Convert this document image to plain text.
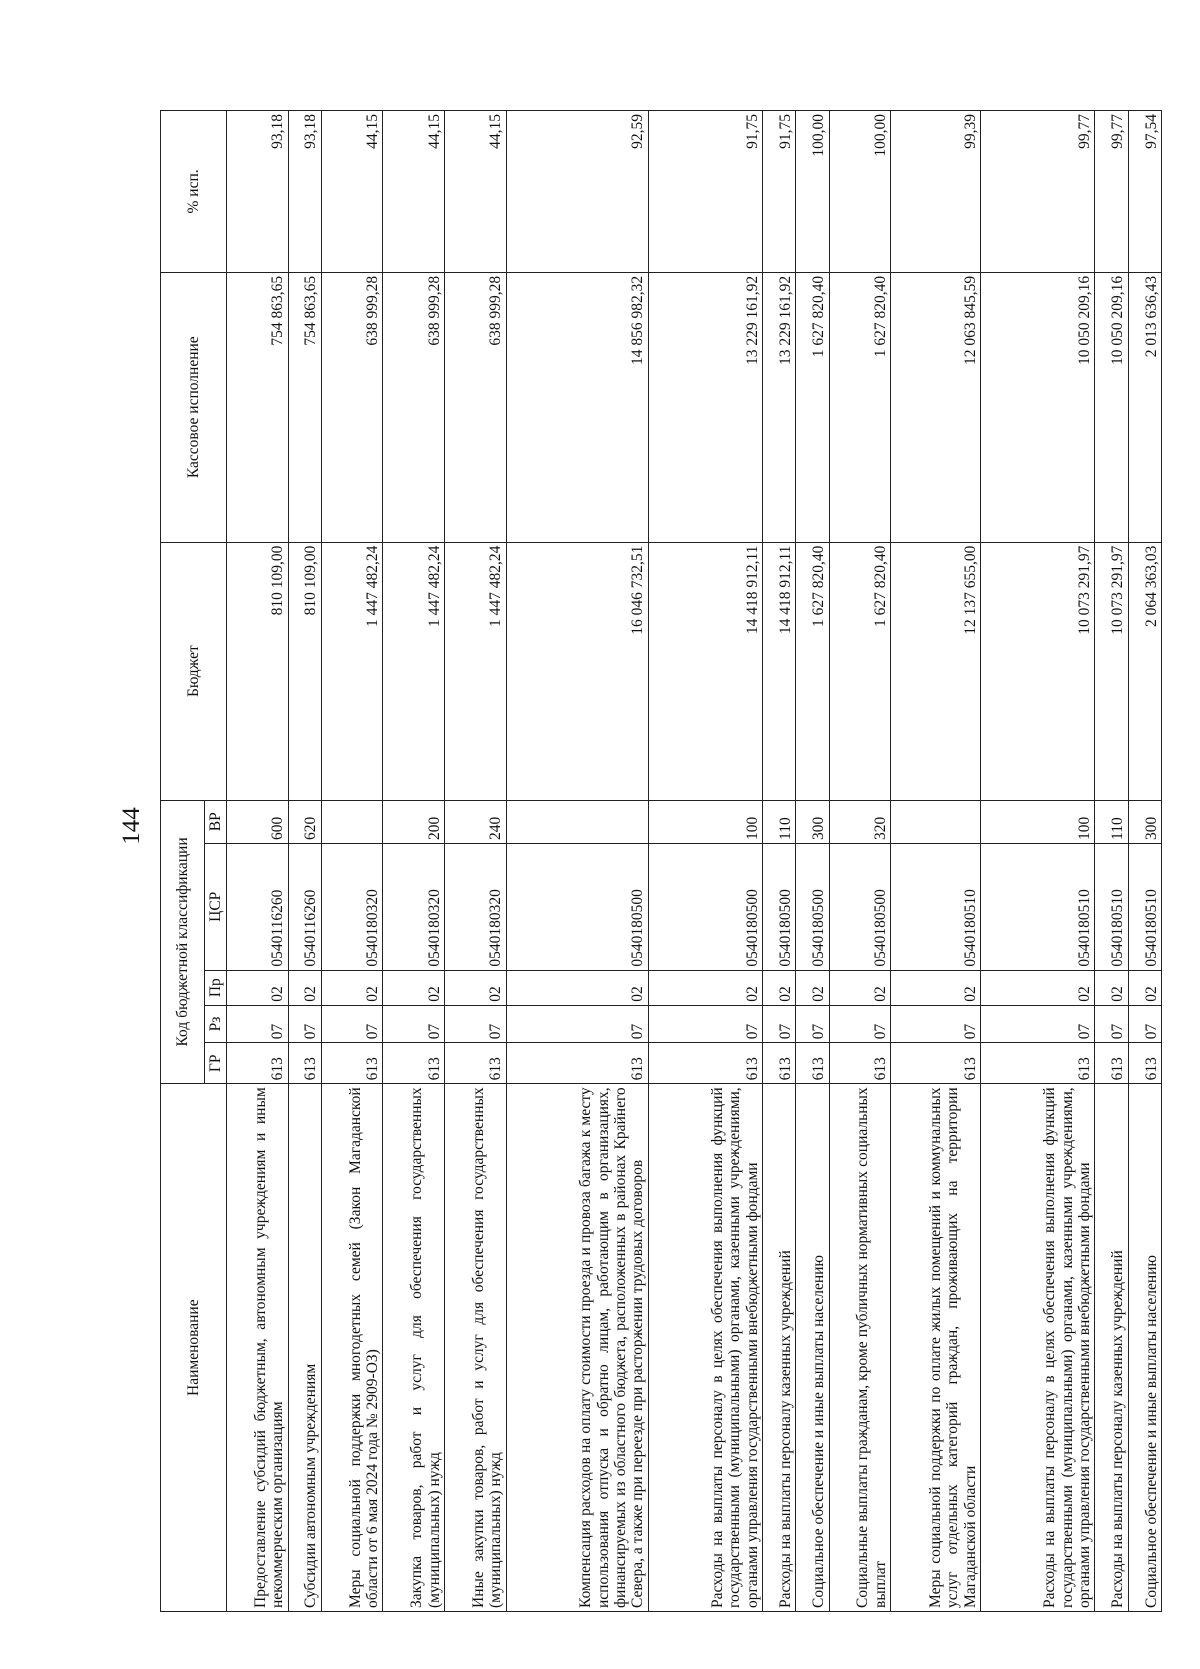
144
Наименование	Код бюджетной классификации					Бюджет	Кассовое исполнение	% исп.
	ГР	Рз	Пр	ЦСР	ВР			
Предоставление субсидий бюджетным, автономным учреждениям и иным некоммерческим организациям	613	07	02	0540116260	600	810 109,00	754 863,65	93,18
Субсидии автономным учреждениям	613	07	02	0540116260	620	810 109,00	754 863,65	93,18
Меры социальной поддержки многодетных семей (Закон Магаданской области от 6 мая 2024 года № 2909-ОЗ)	613	07	02	0540180320		1 447 482,24	638 999,28	44,15
Закупка товаров, работ и услуг для обеспечения государственных (муниципальных) нужд	613	07	02	0540180320	200	1 447 482,24	638 999,28	44,15
Иные закупки товаров, работ и услуг для обеспечения государственных (муниципальных) нужд	613	07	02	0540180320	240	1 447 482,24	638 999,28	44,15
Компенсация расходов на оплату стоимости проезда и провоза багажа к месту использования отпуска и обратно лицам, работающим в организациях, финансируемых из областного бюджета, расположенных в районах Крайнего Севера, а также при переезде при расторжении трудовых договоров	613	07	02	0540180500		16 046 732,51	14 856 982,32	92,59
Расходы на выплаты персоналу в целях обеспечения выполнения функций государственными (муниципальными) органами, казенными учреждениями, органами управления государственными внебюджетными фондами	613	07	02	0540180500	100	14 418 912,11	13 229 161,92	91,75
Расходы на выплаты персоналу казенных учреждений	613	07	02	0540180500	110	14 418 912,11	13 229 161,92	91,75
Социальное обеспечение и иные выплаты населению	613	07	02	0540180500	300	1 627 820,40	1 627 820,40	100,00
Социальные выплаты гражданам, кроме публичных нормативных социальных выплат	613	07	02	0540180500	320	1 627 820,40	1 627 820,40	100,00
Меры социальной поддержки по оплате жилых помещений и коммунальных услуг отдельных категорий граждан, проживающих на территории Магаданской области	613	07	02	0540180510		12 137 655,00	12 063 845,59	99,39
Расходы на выплаты персоналу в целях обеспечения выполнения функций государственными (муниципальными) органами, казенными учреждениями, органами управления государственными внебюджетными фондами	613	07	02	0540180510	100	10 073 291,97	10 050 209,16	99,77
Расходы на выплаты персоналу казенных учреждений	613	07	02	0540180510	110	10 073 291,97	10 050 209,16	99,77
Социальное обеспечение и иные выплаты населению	613	07	02	0540180510	300	2 064 363,03	2 013 636,43	97,54
